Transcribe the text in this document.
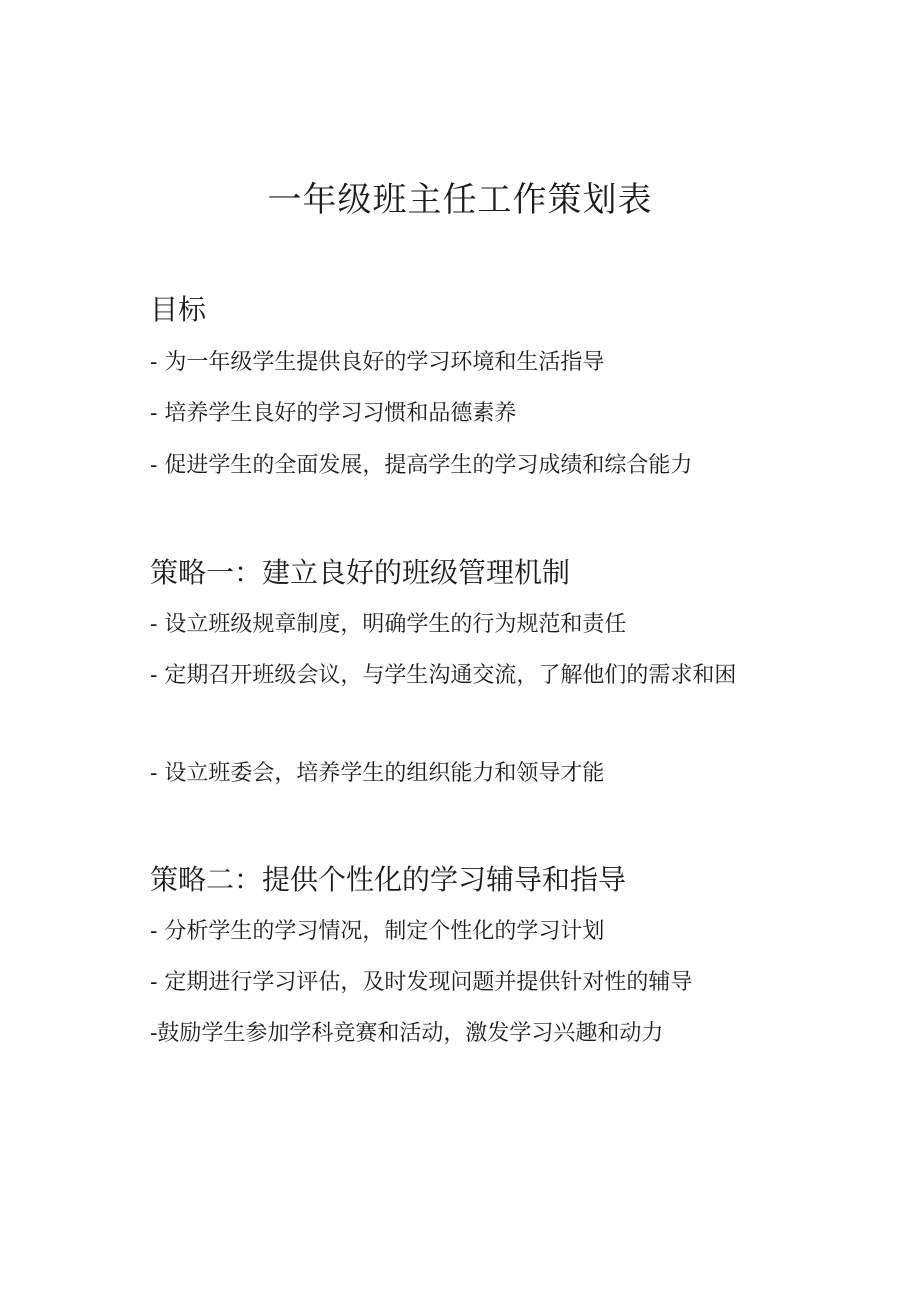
一年级班主任工作策划表
目标

- 为一年级学生提供良好的学习环境和生活指导

- 培养学生良好的学习习惯和品德素养

- 促进学生的全面发展，提高学生的学习成绩和综合能力

策略一：建立良好的班级管理机制

- 设立班级规章制度，明确学生的行为规范和责任

- 定期召开班级会议，与学生沟通交流，了解他们的需求和困

- 设立班委会，培养学生的组织能力和领导才能

策略二：提供个性化的学习辅导和指导

- 分析学生的学习情况，制定个性化的学习计划

- 定期进行学习评估，及时发现问题并提供针对性的辅导

-鼓励学生参加学科竞赛和活动，激发学习兴趣和动力
